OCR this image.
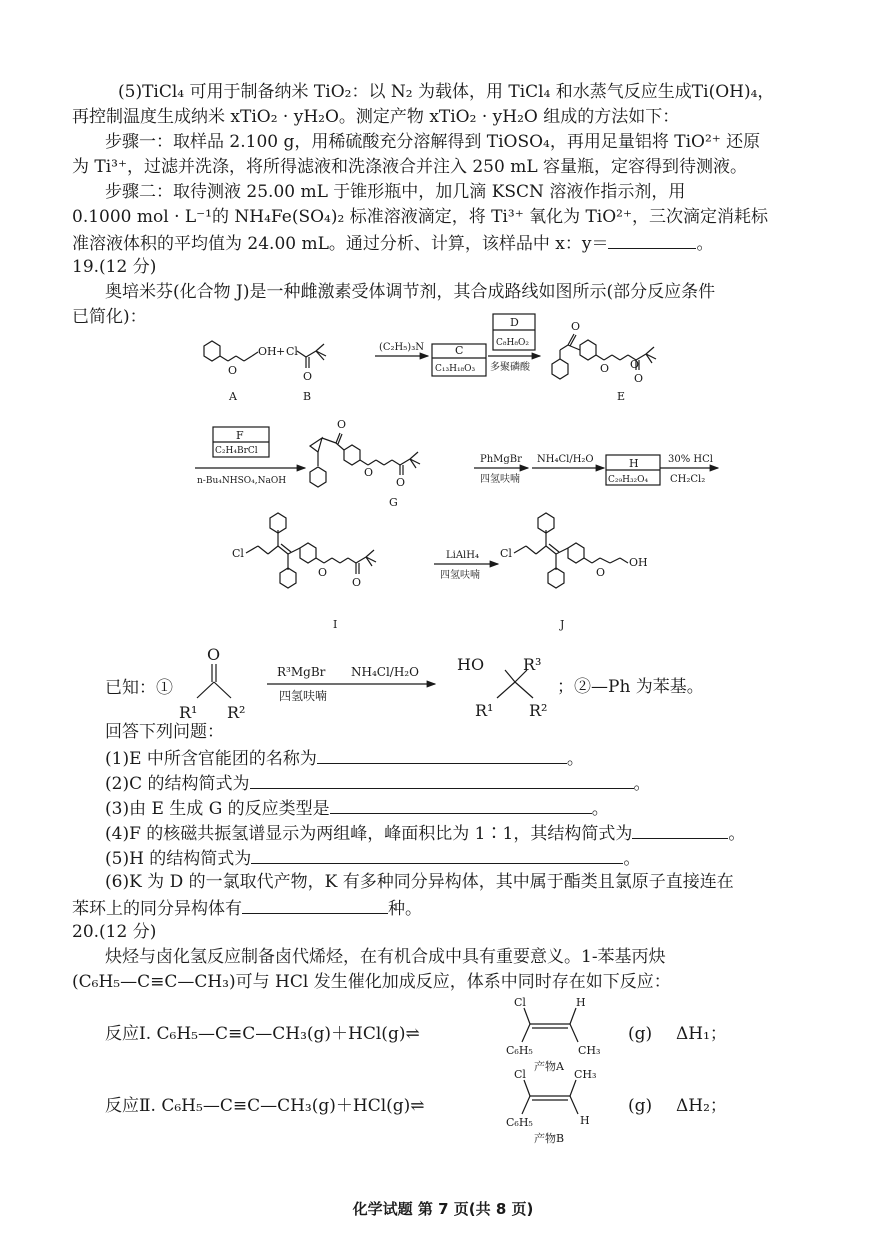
(5)TiCl₄ 可用于制备纳米 TiO₂：以 N₂ 为载体，用 TiCl₄ 和水蒸气反应生成Ti(OH)₄，
再控制温度生成纳米 xTiO₂ · yH₂O。测定产物 xTiO₂ · yH₂O 组成的方法如下：
步骤一：取样品 2.100 g，用稀硫酸充分溶解得到 TiOSO₄，再用足量铝将 TiO²⁺ 还原
为 Ti³⁺，过滤并洗涤，将所得滤液和洗涤液合并注入 250 mL 容量瓶，定容得到待测液。
步骤二：取待测液 25.00 mL 于锥形瓶中，加几滴 KSCN 溶液作指示剂，用
0.1000 mol · L⁻¹的 NH₄Fe(SO₄)₂ 标准溶液滴定，将 Ti³⁺ 氧化为 TiO²⁺，三次滴定消耗标
准溶液体积的平均值为 24.00 mL。通过分析、计算，该样品中 x：y＝	。
19.(12 分)
奥培米芬(化合物 J)是一种雌激素受体调节剂，其合成路线如图所示(部分反应条件
已简化)：
OH
O
+ Cl
O
A	B
(C₂H₅)₃N	C
C₁₃H₁₈O₃
D
C₈H₈O₂
多聚磷酸
O
O O
O
E
F
C₂H₄BrCl
n-Bu₄NHSO₄,NaOH
O
O
O
G
PhMgBr
四氢呋喃
NH₄Cl/H₂O	H
C₂₉H₃₂O₄
30% HCl
CH₂Cl₂
Cl
O
O
I
LiAlH₄
四氢呋喃
Cl
O
OH
J
已知：①
O
R¹ R²
R³MgBr
四氢呋喃
NH₄Cl/H₂O HO R³
R¹ R²
；②—Ph 为苯基。
回答下列问题：
(1)E 中所含官能团的名称为	。
(2)C 的结构简式为	。
(3)由 E 生成 G 的反应类型是	。
(4)F 的核磁共振氢谱显示为两组峰，峰面积比为 1∶1，其结构简式为	。
(5)H 的结构简式为	。
(6)K 为 D 的一氯取代产物，K 有多种同分异构体，其中属于酯类且氯原子直接连在
苯环上的同分异构体有	种。
20.(12 分)
炔烃与卤化氢反应制备卤代烯烃，在有机合成中具有重要意义。1-苯基丙炔
(C₆H₅—C≡C—CH₃)可与 HCl 发生催化加成反应，体系中同时存在如下反应：
反应Ⅰ. C₆H₅—C≡C—CH₃(g)＋HCl(g)⇌
Cl	H
C₆H₅	CH₃
产物A
(g) ΔH₁；
反应Ⅱ. C₆H₅—C≡C—CH₃(g)＋HCl(g)⇌
Cl	CH₃
C₆H₅	H
产物B
(g) ΔH₂；
化学试题 第 7 页(共 8 页)
